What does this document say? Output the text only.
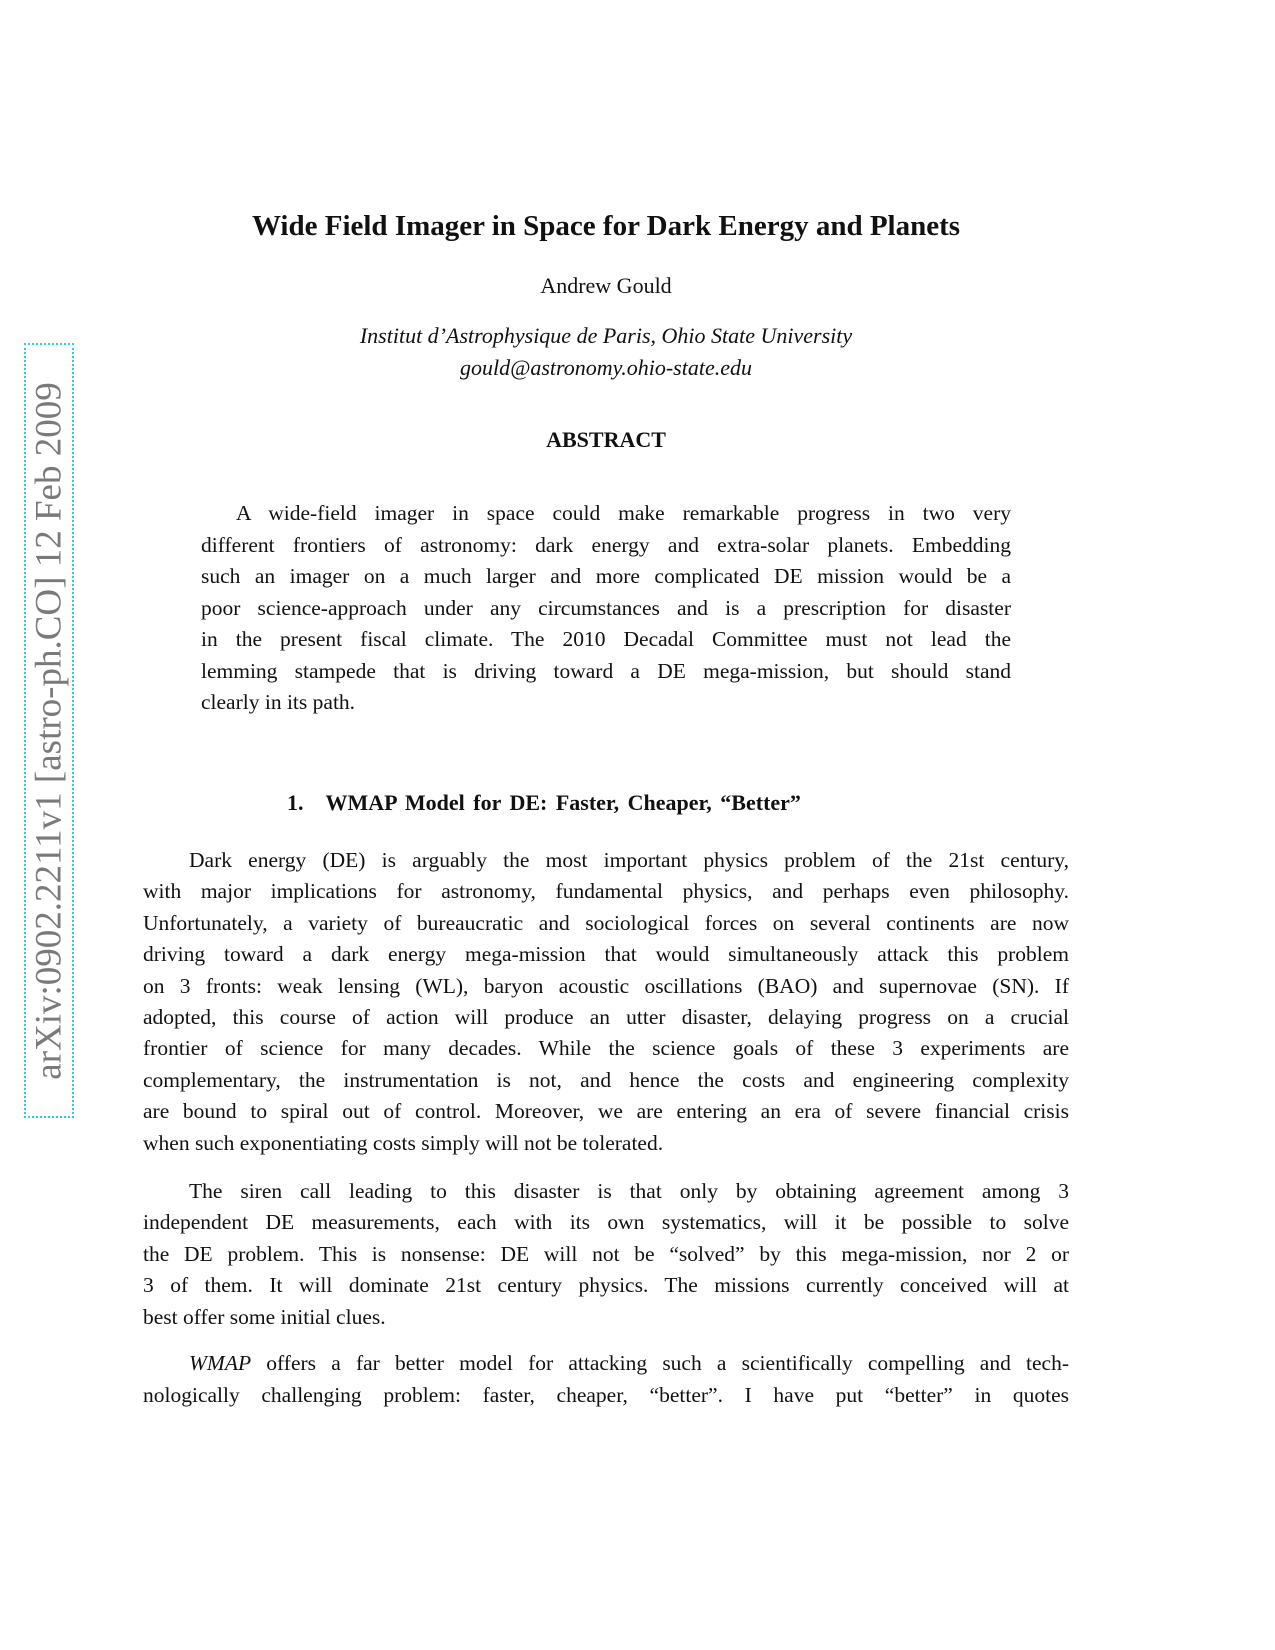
arXiv:0902.2211v1 [astro-ph.CO] 12 Feb 2009
Wide Field Imager in Space for Dark Energy and Planets
Andrew Gould
Institut d’Astrophysique de Paris, Ohio State University
gould@astronomy.ohio-state.edu
ABSTRACT
A wide-field imager in space could make remarkable progress in two very
different frontiers of astronomy: dark energy and extra-solar planets. Embedding
such an imager on a much larger and more complicated DE mission would be a
poor science-approach under any circumstances and is a prescription for disaster
in the present fiscal climate. The 2010 Decadal Committee must not lead the
lemming stampede that is driving toward a DE mega-mission, but should stand
clearly in its path.
1. WMAP Model for DE: Faster, Cheaper, “Better”
Dark energy (DE) is arguably the most important physics problem of the 21st century,
with major implications for astronomy, fundamental physics, and perhaps even philosophy.
Unfortunately, a variety of bureaucratic and sociological forces on several continents are now
driving toward a dark energy mega-mission that would simultaneously attack this problem
on 3 fronts: weak lensing (WL), baryon acoustic oscillations (BAO) and supernovae (SN). If
adopted, this course of action will produce an utter disaster, delaying progress on a crucial
frontier of science for many decades. While the science goals of these 3 experiments are
complementary, the instrumentation is not, and hence the costs and engineering complexity
are bound to spiral out of control. Moreover, we are entering an era of severe financial crisis
when such exponentiating costs simply will not be tolerated.
The siren call leading to this disaster is that only by obtaining agreement among 3
independent DE measurements, each with its own systematics, will it be possible to solve
the DE problem. This is nonsense: DE will not be “solved” by this mega-mission, nor 2 or
3 of them. It will dominate 21st century physics. The missions currently conceived will at
best offer some initial clues.
WMAP offers a far better model for attacking such a scientifically compelling and tech-
nologically challenging problem: faster, cheaper, “better”. I have put “better” in quotes
